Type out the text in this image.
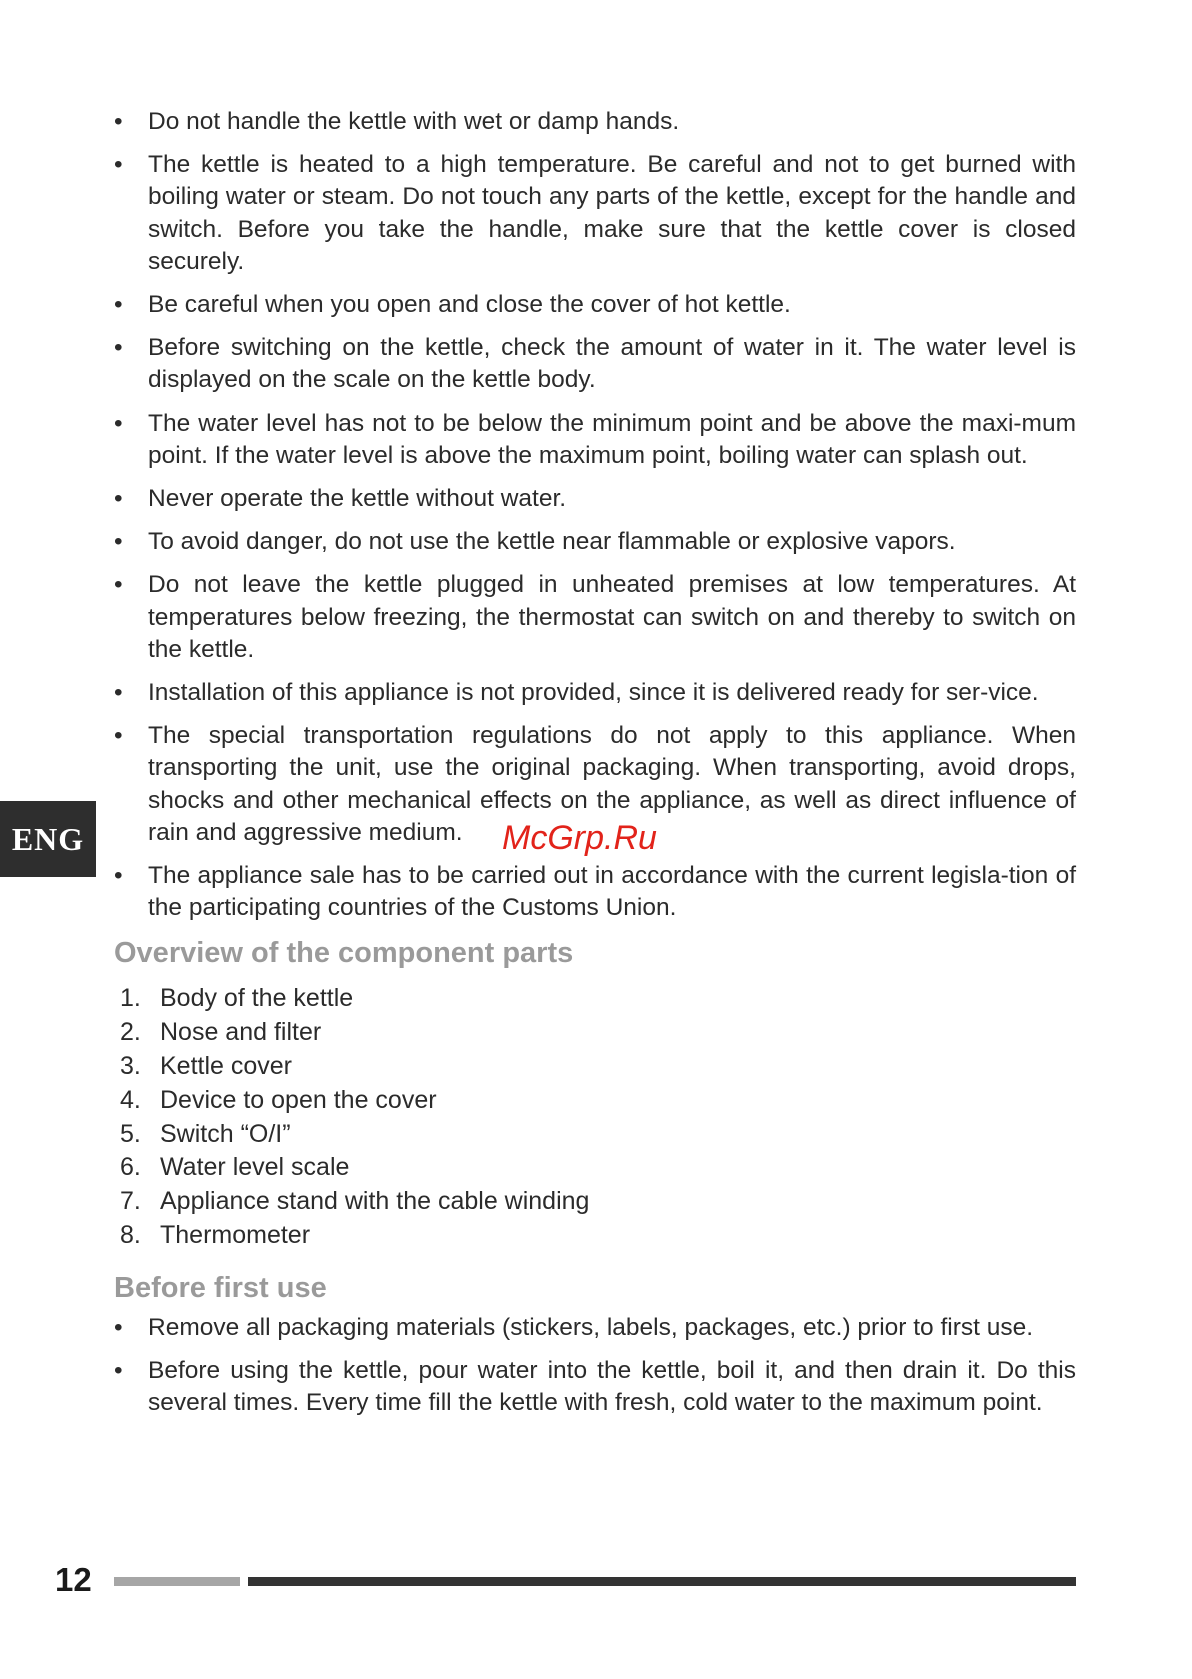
ENG
• Do not handle the kettle with wet or damp hands.
• The kettle is heated to a high temperature. Be careful and not to get burned with boiling water or steam. Do not touch any parts of the kettle, except for the handle and switch. Before you take the handle, make sure that the kettle cover is closed securely.
• Be careful when you open and close the cover of hot kettle.
• Before switching on the kettle, check the amount of water in it. The water level is displayed on the scale on the kettle body.
• The water level has not to be below the minimum point and be above the maxi-mum point. If the water level is above the maximum point, boiling water can splash out.
• Never operate the kettle without water.
• To avoid danger, do not use the kettle near flammable or explosive vapors.
• Do not leave the kettle plugged in unheated premises at low temperatures. At temperatures below freezing, the thermostat can switch on and thereby to switch on the kettle.
• Installation of this appliance is not provided, since it is delivered ready for ser-vice.
• The special transportation regulations do not apply to this appliance. When transporting the unit, use the original packaging. When transporting, avoid drops, shocks and other mechanical effects on the appliance, as well as direct influence of rain and aggressive medium.
• The appliance sale has to be carried out in accordance with the current legisla-tion of the participating countries of the Customs Union.
Overview of the component parts
1. Body of the kettle
2. Nose and filter
3. Kettle cover
4. Device to open the cover
5. Switch “O/I”
6. Water level scale
7. Appliance stand with the cable winding
8. Thermometer
Before first use
• Remove all packaging materials (stickers, labels, packages, etc.) prior to first use.
• Before using the kettle, pour water into the kettle, boil it, and then drain it. Do this several times. Every time fill the kettle with fresh, cold water to the maximum point.
McGrp.Ru
12
